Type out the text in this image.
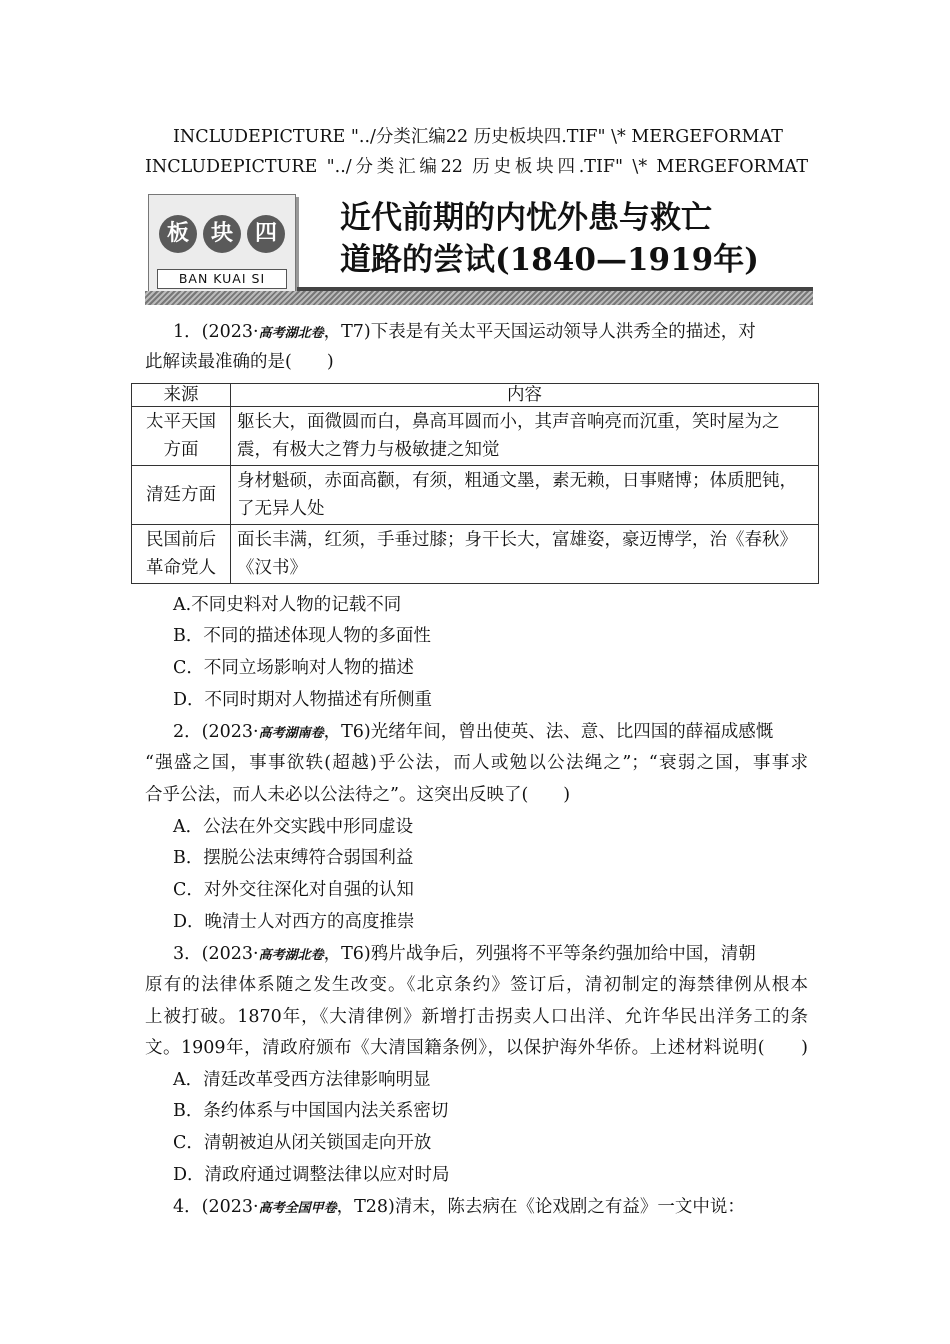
INCLUDEPICTURE "../分类汇编22 历史板块四.TIF" \* MERGEFORMAT
INCLUDEPICTURE "../分类汇编22 历史板块四.TIF" \* MERGEFORMAT
板 块 四
BAN KUAI SI
近代前期的内忧外患与救亡
道路的尝试(1840—1919年)
1．(2023·高考湖北卷，T7)下表是有关太平天国运动领导人洪秀全的描述，对
此解读最准确的是(　　)
来源	内容
太平天国方面	躯长大，面微圆而白，鼻高耳圆而小，其声音响亮而沉重，笑时屋为之震，有极大之膂力与极敏捷之知觉
清廷方面	身材魁硕，赤面高颧，有须，粗通文墨，素无赖，日事赌博；体质肥钝，了无异人处
民国前后革命党人	面长丰满，红须，手垂过膝；身干长大，富雄姿，豪迈博学，治《春秋》《汉书》
A.不同史料对人物的记载不同
B．不同的描述体现人物的多面性
C．不同立场影响对人物的描述
D．不同时期对人物描述有所侧重
2．(2023·高考湖南卷，T6)光绪年间，曾出使英、法、意、比四国的薛福成感慨
“强盛之国，事事欲轶(超越)乎公法，而人或勉以公法绳之”；“衰弱之国，事事求
合乎公法，而人未必以公法待之”。这突出反映了(　　)
A．公法在外交实践中形同虚设
B．摆脱公法束缚符合弱国利益
C．对外交往深化对自强的认知
D．晚清士人对西方的高度推崇
3．(2023·高考湖北卷，T6)鸦片战争后，列强将不平等条约强加给中国，清朝
原有的法律体系随之发生改变。《北京条约》签订后，清初制定的海禁律例从根本
上被打破。1870年，《大清律例》新增打击拐卖人口出洋、允许华民出洋务工的条
文。1909年，清政府颁布《大清国籍条例》，以保护海外华侨。上述材料说明(　　)
A．清廷改革受西方法律影响明显
B．条约体系与中国国内法关系密切
C．清朝被迫从闭关锁国走向开放
D．清政府通过调整法律以应对时局
4．(2023·高考全国甲卷，T28)清末，陈去病在《论戏剧之有益》一文中说：
